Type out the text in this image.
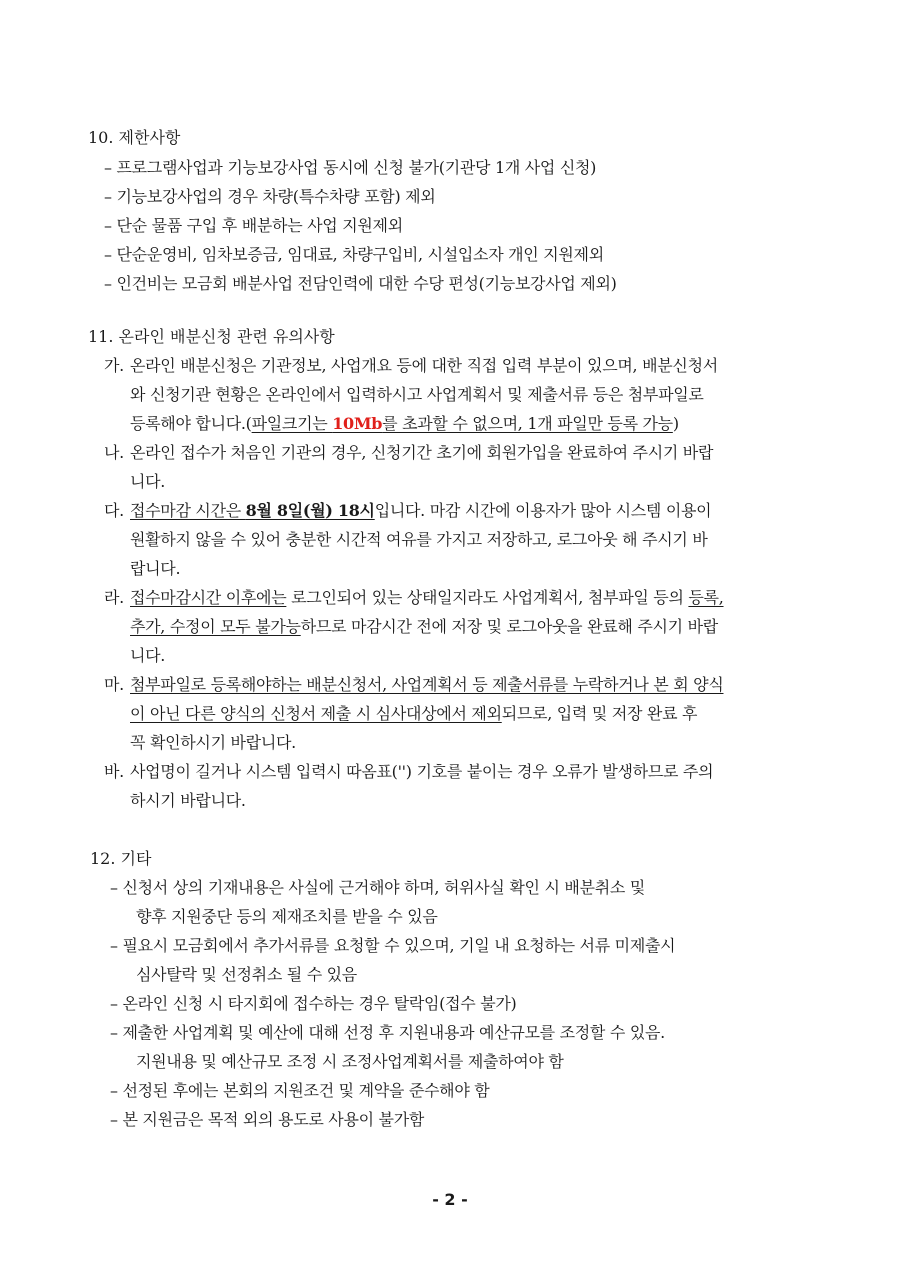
10. 제한사항
– 프로그램사업과 기능보강사업 동시에 신청 불가(기관당 1개 사업 신청)
– 기능보강사업의 경우 차량(특수차량 포함) 제외
– 단순 물품 구입 후 배분하는 사업 지원제외
– 단순운영비, 임차보증금, 임대료, 차량구입비, 시설입소자 개인 지원제외
– 인건비는 모금회 배분사업 전담인력에 대한 수당 편성(기능보강사업 제외)
11. 온라인 배분신청 관련 유의사항
가. 온라인 배분신청은 기관정보, 사업개요 등에 대한 직접 입력 부분이 있으며, 배분신청서
와 신청기관 현황은 온라인에서 입력하시고 사업계획서 및 제출서류 등은 첨부파일로
등록해야 합니다.(파일크기는 10Mb를 초과할 수 없으며, 1개 파일만 등록 가능)
나. 온라인 접수가 처음인 기관의 경우, 신청기간 초기에 회원가입을 완료하여 주시기 바랍
니다.
다. 접수마감 시간은 8월 8일(월) 18시입니다. 마감 시간에 이용자가 많아 시스템 이용이
원활하지 않을 수 있어 충분한 시간적 여유를 가지고 저장하고, 로그아웃 해 주시기 바
랍니다.
라. 접수마감시간 이후에는 로그인되어 있는 상태일지라도 사업계획서, 첨부파일 등의 등록,
추가, 수정이 모두 불가능하므로 마감시간 전에 저장 및 로그아웃을 완료해 주시기 바랍
니다.
마. 첨부파일로 등록해야하는 배분신청서, 사업계획서 등 제출서류를 누락하거나 본 회 양식
이 아닌 다른 양식의 신청서 제출 시 심사대상에서 제외되므로, 입력 및 저장 완료 후
꼭 확인하시기 바랍니다.
바. 사업명이 길거나 시스템 입력시 따옴표('') 기호를 붙이는 경우 오류가 발생하므로 주의
하시기 바랍니다.
12. 기타
– 신청서 상의 기재내용은 사실에 근거해야 하며, 허위사실 확인 시 배분취소 및
향후 지원중단 등의 제재조치를 받을 수 있음
– 필요시 모금회에서 추가서류를 요청할 수 있으며, 기일 내 요청하는 서류 미제출시
심사탈락 및 선정취소 될 수 있음
– 온라인 신청 시 타지회에 접수하는 경우 탈락임(접수 불가)
– 제출한 사업계획 및 예산에 대해 선정 후 지원내용과 예산규모를 조정할 수 있음.
지원내용 및 예산규모 조정 시 조정사업계획서를 제출하여야 함
– 선정된 후에는 본회의 지원조건 및 계약을 준수해야 함
– 본 지원금은 목적 외의 용도로 사용이 불가함
- 2 -
